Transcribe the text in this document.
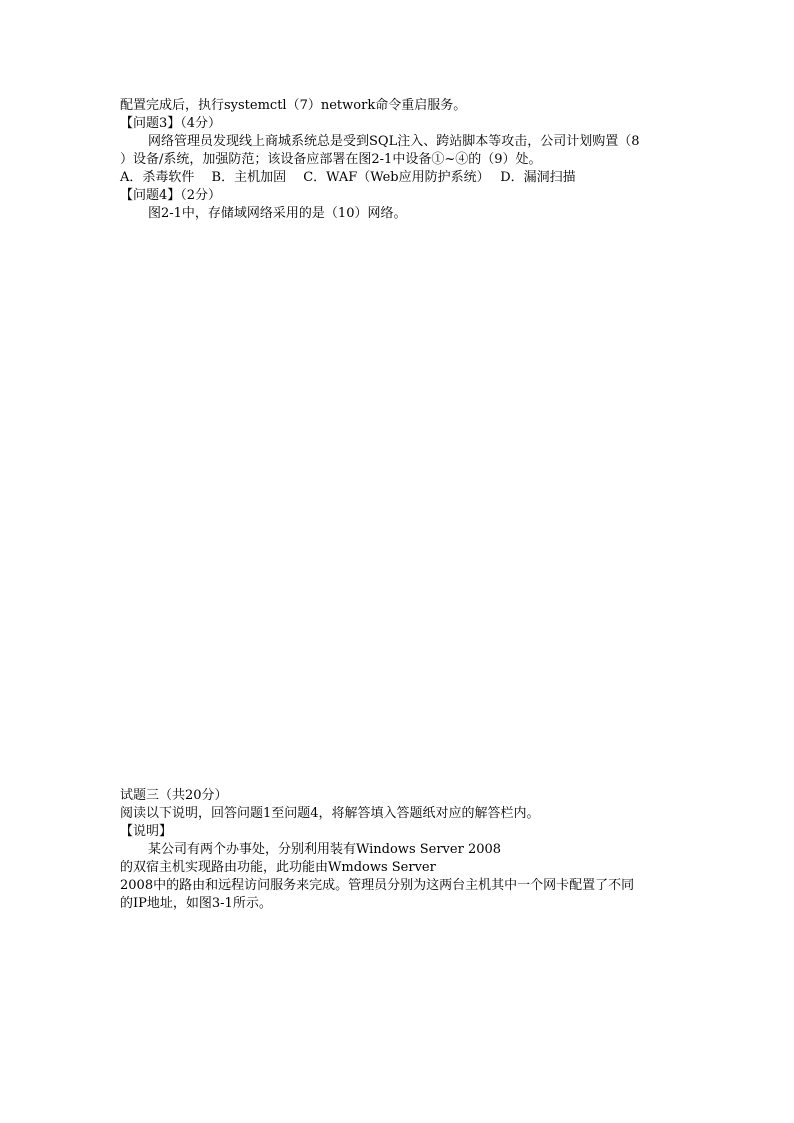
配置完成后，执行systemctl（7）network命令重启服务。
【问题3】（4分）
网络管理员发现线上商城系统总是受到SQL注入、跨站脚本等攻击，公司计划购置（8
）设备/系统，加强防范；该设备应部署在图2-1中设备①~④的（9）处。
A．杀毒软件　 B．主机加固　 C．WAF（Web应用防护系统）　 D．漏洞扫描
【问题4】（2分）
图2-1中，存储域网络采用的是（10）网络。
试题三（共20分）
阅读以下说明，回答问题1至问题4，将解答填入答题纸对应的解答栏内。
【说明】
某公司有两个办事处，分别利用装有Windows Server 2008
的双宿主机实现路由功能，此功能由Wmdows Server
2008中的路由和远程访问服务来完成。管理员分别为这两台主机其中一个网卡配置了不同
的IP地址，如图3-1所示。
